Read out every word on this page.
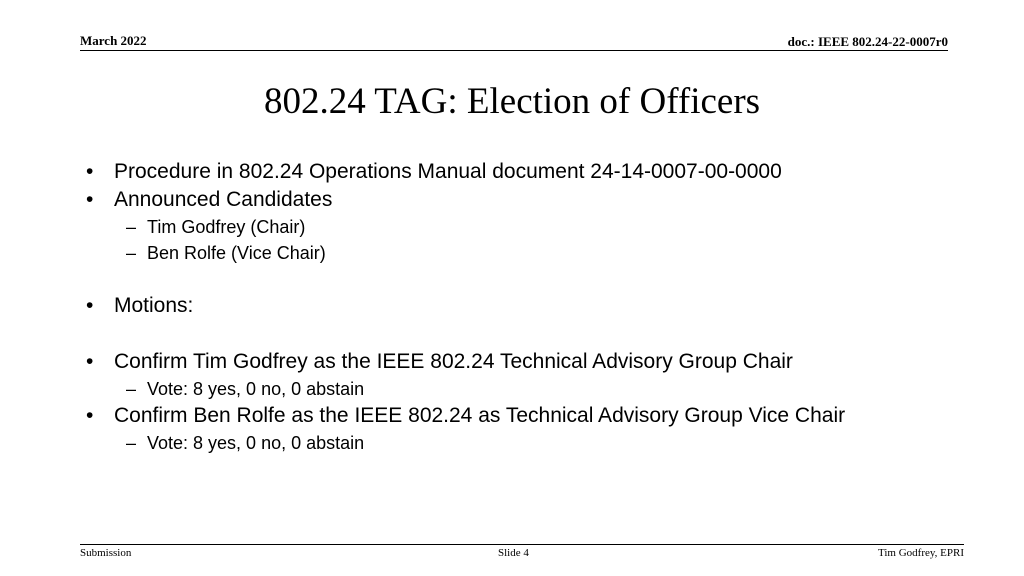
March 2022	doc.: IEEE 802.24-22-0007r0
802.24 TAG: Election of Officers
• Procedure in 802.24 Operations Manual document 24-14-0007-00-0000
• Announced Candidates
– Tim Godfrey (Chair)
– Ben Rolfe (Vice Chair)
• Motions:
• Confirm Tim Godfrey as the IEEE 802.24 Technical Advisory Group Chair
– Vote: 8 yes, 0 no, 0 abstain
• Confirm Ben Rolfe as the IEEE 802.24 as Technical Advisory Group Vice Chair
– Vote: 8 yes, 0 no, 0 abstain
Submission	Slide 4	Tim Godfrey, EPRI
